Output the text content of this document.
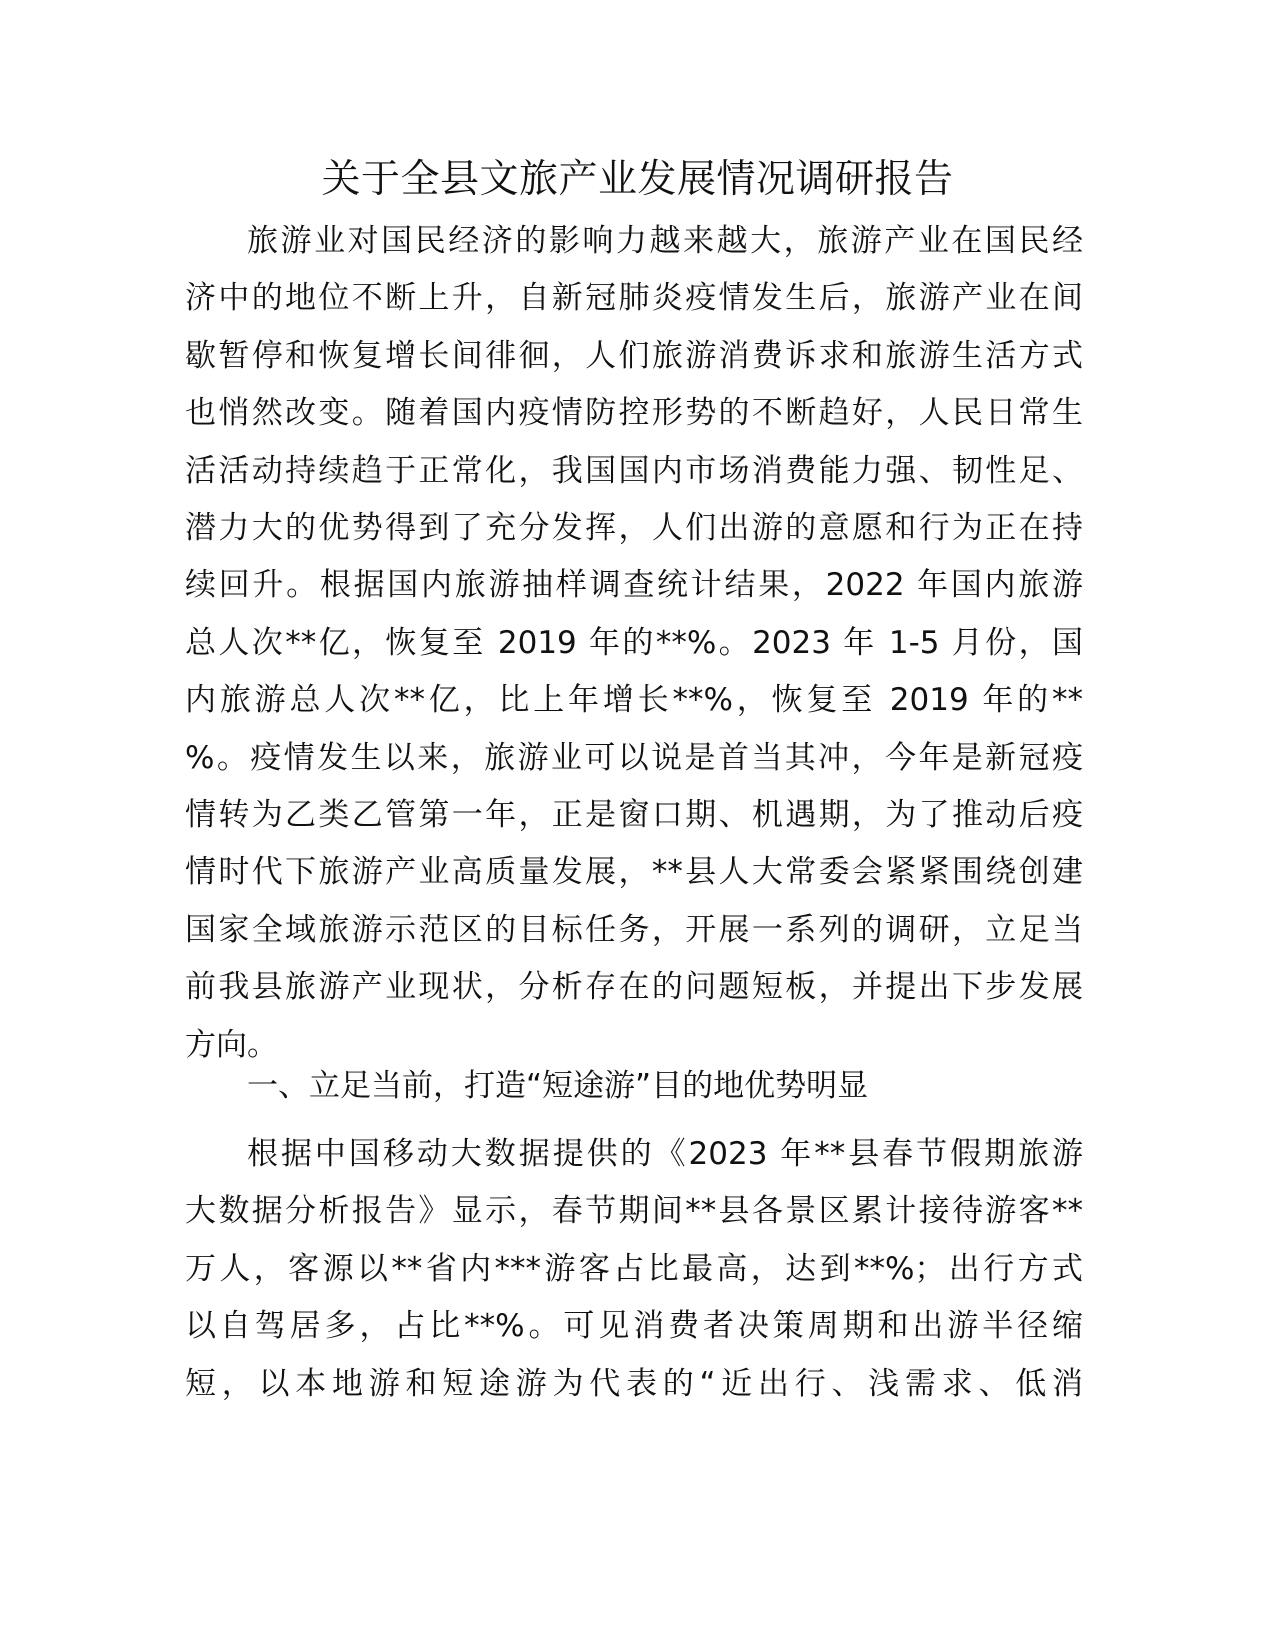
关于全县文旅产业发展情况调研报告
旅游业对国民经济的影响力越来越大，旅游产业在国民经
济中的地位不断上升，自新冠肺炎疫情发生后，旅游产业在间
歇暂停和恢复增长间徘徊，人们旅游消费诉求和旅游生活方式
也悄然改变。随着国内疫情防控形势的不断趋好，人民日常生
活活动持续趋于正常化，我国国内市场消费能力强、韧性足、
潜力大的优势得到了充分发挥，人们出游的意愿和行为正在持
续回升。根据国内旅游抽样调查统计结果，2022 年国内旅游
总人次**亿，恢复至 2019 年的**%。2023 年 1-5 月份，国
内旅游总人次**亿，比上年增长**%，恢复至 2019 年的**
%。疫情发生以来，旅游业可以说是首当其冲，今年是新冠疫
情转为乙类乙管第一年，正是窗口期、机遇期，为了推动后疫
情时代下旅游产业高质量发展，**县人大常委会紧紧围绕创建
国家全域旅游示范区的目标任务，开展一系列的调研，立足当
前我县旅游产业现状，分析存在的问题短板，并提出下步发展
方向。
一、立足当前，打造“短途游”目的地优势明显
根据中国移动大数据提供的《2023 年**县春节假期旅游
大数据分析报告》显示，春节期间**县各景区累计接待游客**
万人，客源以**省内***游客占比最高，达到**%；出行方式
以自驾居多，占比**%。可见消费者决策周期和出游半径缩
短，以本地游和短途游为代表的“近出行、浅需求、低消
